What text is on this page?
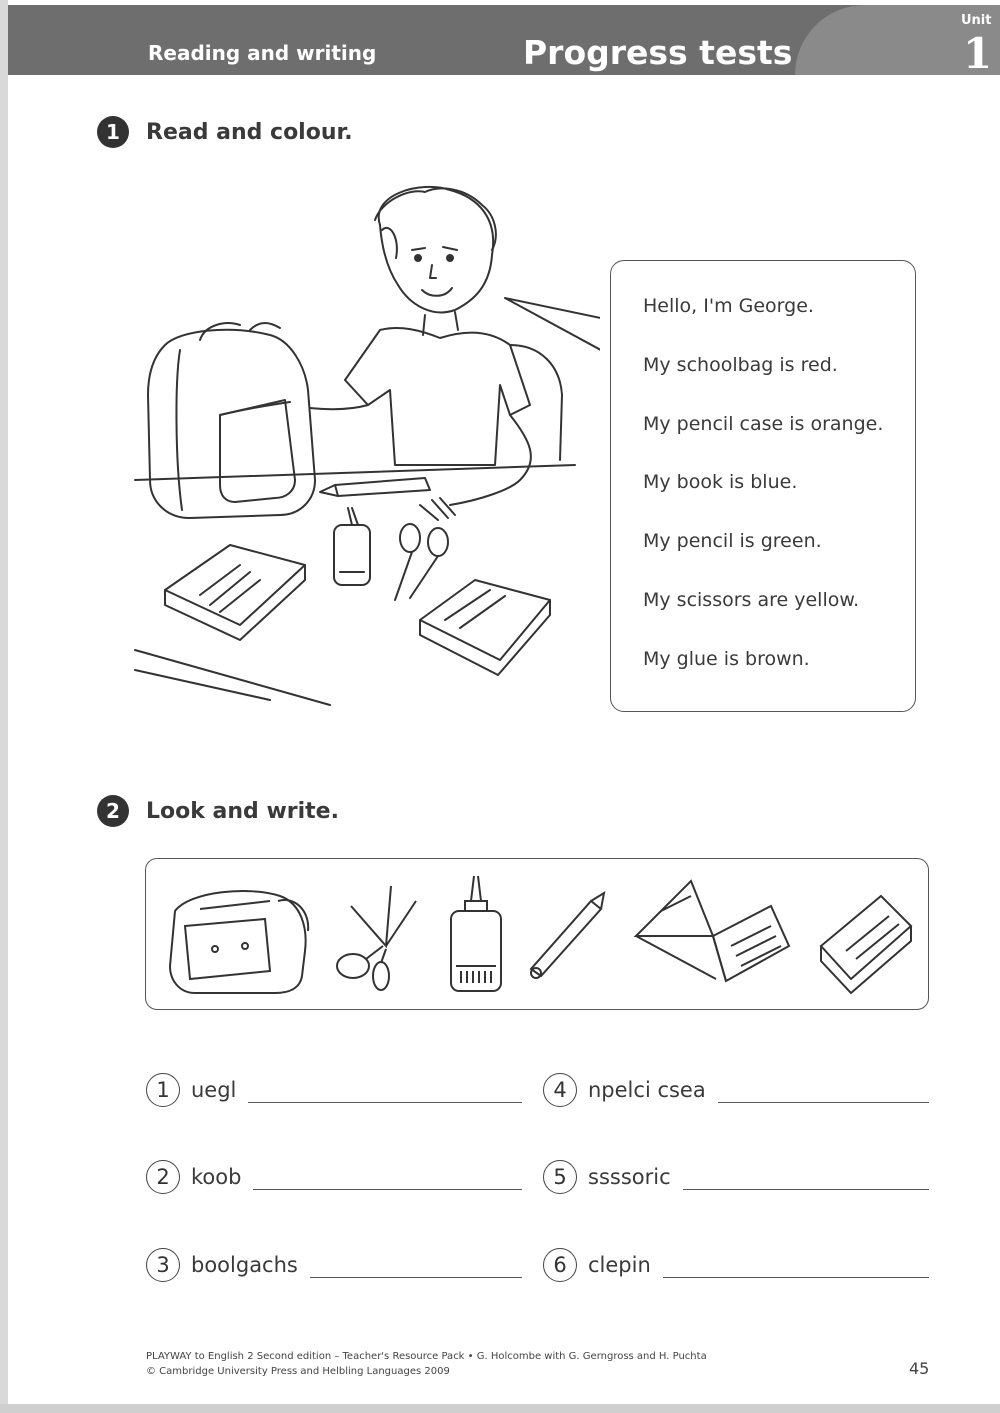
Reading and writing	Progress tests
Unit
1
1	Read and colour.
Hello, I'm George.
My schoolbag is red.
My pencil case is orange.
My book is blue.
My pencil is green.
My scissors are yellow.
My glue is brown.
2	Look and write.
1	uegl
2	koob
3	boolgachs
4	npelci csea
5	ssssoric
6	clepin
PLAYWAY to English 2 Second edition – Teacher's Resource Pack • G. Holcombe with G. Gerngross and H. Puchta
© Cambridge University Press and Helbling Languages 2009	45
